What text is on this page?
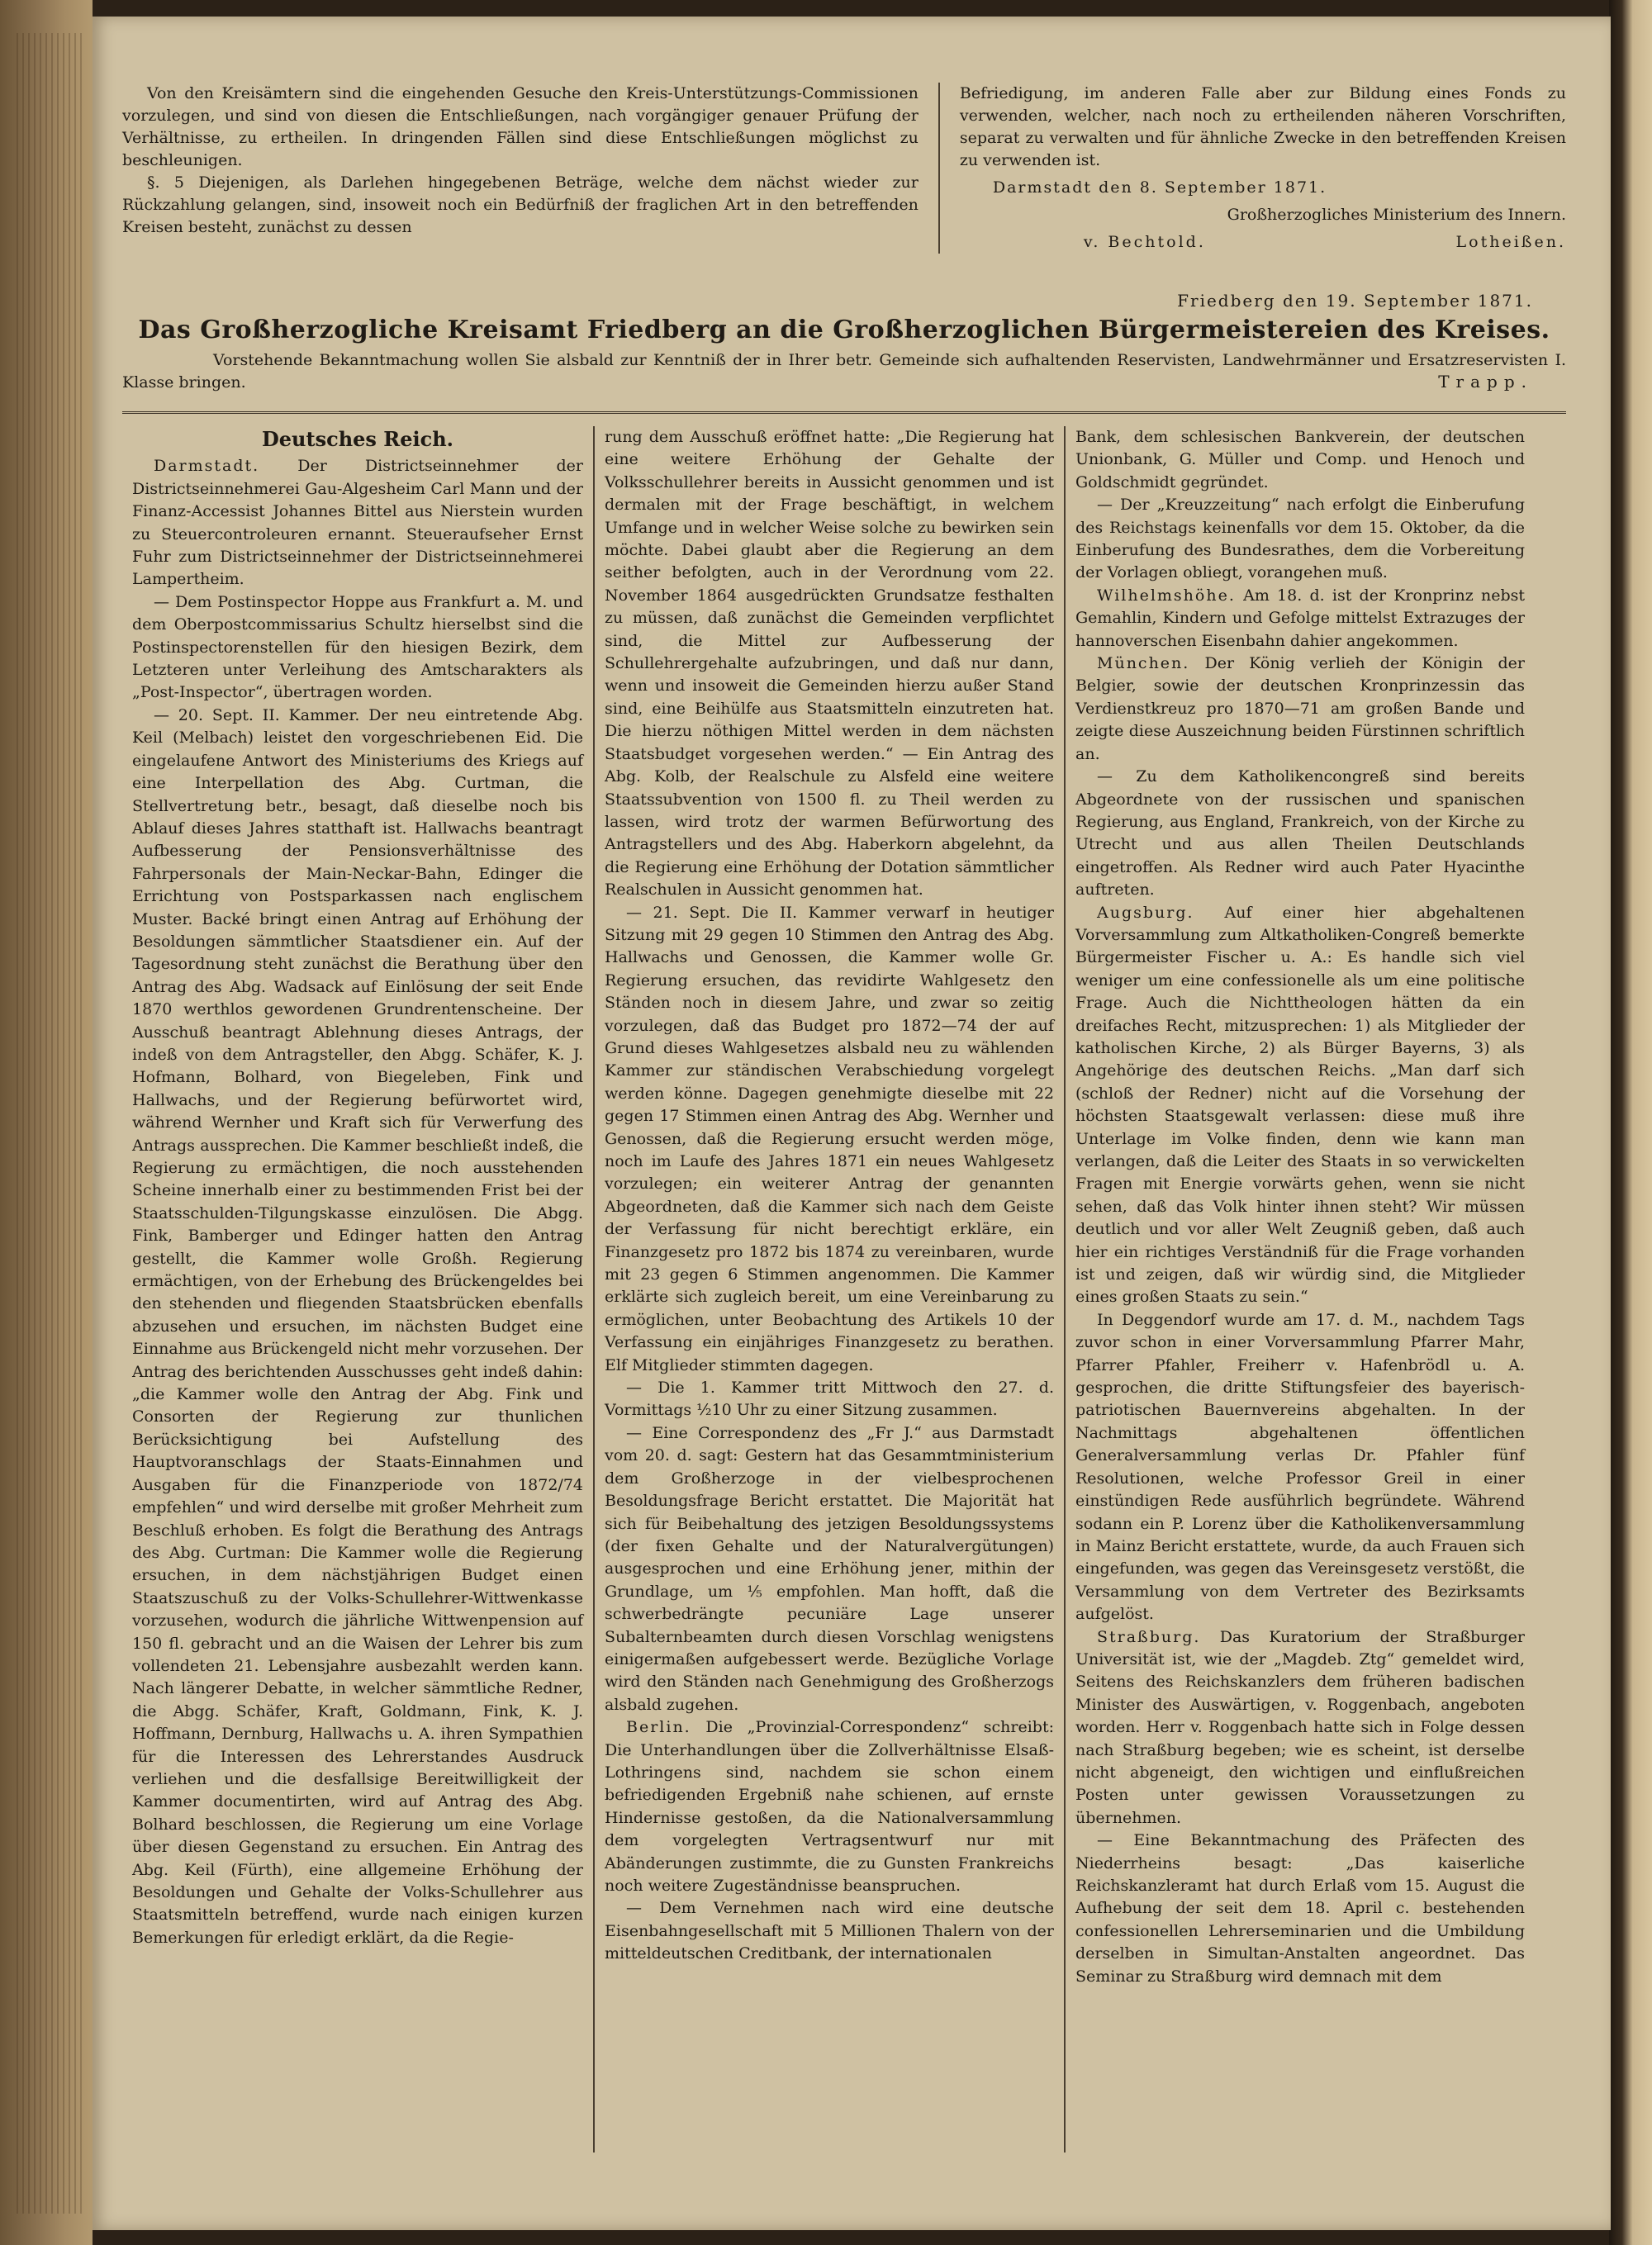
Von den Kreisämtern sind die eingehenden Gesuche den Kreis-Unterstützungs-Commissionen vorzulegen, und sind von diesen die Entschließungen, nach vorgängiger genauer Prüfung der Verhältnisse, zu ertheilen. In dringenden Fällen sind diese Entschließungen möglichst zu beschleunigen.

§. 5 Diejenigen, als Darlehen hingegebenen Beträge, welche dem nächst wieder zur Rückzahlung gelangen, sind, insoweit noch ein Bedürfniß der fraglichen Art in den betreffenden Kreisen besteht, zunächst zu dessen

Befriedigung, im anderen Falle aber zur Bildung eines Fonds zu verwenden, welcher, nach noch zu ertheilenden näheren Vorschriften, separat zu verwalten und für ähnliche Zwecke in den betreffenden Kreisen zu verwenden ist.

Darmstadt den 8. September 1871.
Großherzogliches Ministerium des Innern.
v. Bechtold.	Lotheißen.
Friedberg den 19. September 1871.
Das Großherzogliche Kreisamt Friedberg an die Großherzoglichen Bürgermeistereien des Kreises.

Vorstehende Bekanntmachung wollen Sie alsbald zur Kenntniß der in Ihrer betr. Gemeinde sich aufhaltenden Reservisten, Landwehrmänner und Ersatzreservisten I. Klasse bringen.	Trapp.
Deutsches Reich.

Darmstadt. Der Districtseinnehmer der Districtseinnehmerei Gau-Algesheim Carl Mann und der Finanz-Accessist Johannes Bittel aus Nierstein wurden zu Steuercontroleuren ernannt. Steueraufseher Ernst Fuhr zum Districtseinnehmer der Districtseinnehmerei Lampertheim.

— Dem Postinspector Hoppe aus Frankfurt a. M. und dem Oberpostcommissarius Schultz hierselbst sind die Postinspectorenstellen für den hiesigen Bezirk, dem Letzteren unter Verleihung des Amtscharakters als „Post-Inspector“, übertragen worden.

— 20. Sept. II. Kammer. Der neu eintretende Abg. Keil (Melbach) leistet den vorgeschriebenen Eid. Die eingelaufene Antwort des Ministeriums des Kriegs auf eine Interpellation des Abg. Curtman, die Stellvertretung betr., besagt, daß dieselbe noch bis Ablauf dieses Jahres statthaft ist. Hallwachs beantragt Aufbesserung der Pensionsverhältnisse des Fahrpersonals der Main-Neckar-Bahn, Edinger die Errichtung von Postsparkassen nach englischem Muster. Backé bringt einen Antrag auf Erhöhung der Besoldungen sämmtlicher Staatsdiener ein. Auf der Tagesordnung steht zunächst die Berathung über den Antrag des Abg. Wadsack auf Einlösung der seit Ende 1870 werthlos gewordenen Grundrentenscheine. Der Ausschuß beantragt Ablehnung dieses Antrags, der indeß von dem Antragsteller, den Abgg. Schäfer, K. J. Hofmann, Bolhard, von Biegeleben, Fink und Hallwachs, und der Regierung befürwortet wird, während Wernher und Kraft sich für Verwerfung des Antrags aussprechen. Die Kammer beschließt indeß, die Regierung zu ermächtigen, die noch ausstehenden Scheine innerhalb einer zu bestimmenden Frist bei der Staatsschulden-Tilgungskasse einzulösen. Die Abgg. Fink, Bamberger und Edinger hatten den Antrag gestellt, die Kammer wolle Großh. Regierung ermächtigen, von der Erhebung des Brückengeldes bei den stehenden und fliegenden Staatsbrücken ebenfalls abzusehen und ersuchen, im nächsten Budget eine Einnahme aus Brückengeld nicht mehr vorzusehen. Der Antrag des berichtenden Ausschusses geht indeß dahin: „die Kammer wolle den Antrag der Abg. Fink und Consorten der Regierung zur thunlichen Berücksichtigung bei Aufstellung des Hauptvoranschlags der Staats-Einnahmen und Ausgaben für die Finanzperiode von 1872/74 empfehlen“ und wird derselbe mit großer Mehrheit zum Beschluß erhoben. Es folgt die Berathung des Antrags des Abg. Curtman: Die Kammer wolle die Regierung ersuchen, in dem nächstjährigen Budget einen Staatszuschuß zu der Volks-Schullehrer-Wittwenkasse vorzusehen, wodurch die jährliche Wittwenpension auf 150 fl. gebracht und an die Waisen der Lehrer bis zum vollendeten 21. Lebensjahre ausbezahlt werden kann. Nach längerer Debatte, in welcher sämmtliche Redner, die Abgg. Schäfer, Kraft, Goldmann, Fink, K. J. Hoffmann, Dernburg, Hallwachs u. A. ihren Sympathien für die Interessen des Lehrerstandes Ausdruck verliehen und die desfallsige Bereitwilligkeit der Kammer documentirten, wird auf Antrag des Abg. Bolhard beschlossen, die Regierung um eine Vorlage über diesen Gegenstand zu ersuchen. Ein Antrag des Abg. Keil (Fürth), eine allgemeine Erhöhung der Besoldungen und Gehalte der Volks-Schullehrer aus Staatsmitteln betreffend, wurde nach einigen kurzen Bemerkungen für erledigt erklärt, da die Regie-

rung dem Ausschuß eröffnet hatte: „Die Regierung hat eine weitere Erhöhung der Gehalte der Volksschullehrer bereits in Aussicht genommen und ist dermalen mit der Frage beschäftigt, in welchem Umfange und in welcher Weise solche zu bewirken sein möchte. Dabei glaubt aber die Regierung an dem seither befolgten, auch in der Verordnung vom 22. November 1864 ausgedrückten Grundsatze festhalten zu müssen, daß zunächst die Gemeinden verpflichtet sind, die Mittel zur Aufbesserung der Schullehrergehalte aufzubringen, und daß nur dann, wenn und insoweit die Gemeinden hierzu außer Stand sind, eine Beihülfe aus Staatsmitteln einzutreten hat. Die hierzu nöthigen Mittel werden in dem nächsten Staatsbudget vorgesehen werden.“ — Ein Antrag des Abg. Kolb, der Realschule zu Alsfeld eine weitere Staatssubvention von 1500 fl. zu Theil werden zu lassen, wird trotz der warmen Befürwortung des Antragstellers und des Abg. Haberkorn abgelehnt, da die Regierung eine Erhöhung der Dotation sämmtlicher Realschulen in Aussicht genommen hat.

— 21. Sept. Die II. Kammer verwarf in heutiger Sitzung mit 29 gegen 10 Stimmen den Antrag des Abg. Hallwachs und Genossen, die Kammer wolle Gr. Regierung ersuchen, das revidirte Wahlgesetz den Ständen noch in diesem Jahre, und zwar so zeitig vorzulegen, daß das Budget pro 1872—74 der auf Grund dieses Wahlgesetzes alsbald neu zu wählenden Kammer zur ständischen Verabschiedung vorgelegt werden könne. Dagegen genehmigte dieselbe mit 22 gegen 17 Stimmen einen Antrag des Abg. Wernher und Genossen, daß die Regierung ersucht werden möge, noch im Laufe des Jahres 1871 ein neues Wahlgesetz vorzulegen; ein weiterer Antrag der genannten Abgeordneten, daß die Kammer sich nach dem Geiste der Verfassung für nicht berechtigt erkläre, ein Finanzgesetz pro 1872 bis 1874 zu vereinbaren, wurde mit 23 gegen 6 Stimmen angenommen. Die Kammer erklärte sich zugleich bereit, um eine Vereinbarung zu ermöglichen, unter Beobachtung des Artikels 10 der Verfassung ein einjähriges Finanzgesetz zu berathen. Elf Mitglieder stimmten dagegen.

— Die 1. Kammer tritt Mittwoch den 27. d. Vormittags ½10 Uhr zu einer Sitzung zusammen.

— Eine Correspondenz des „Fr J.“ aus Darmstadt vom 20. d. sagt: Gestern hat das Gesammtministerium dem Großherzoge in der vielbesprochenen Besoldungsfrage Bericht erstattet. Die Majorität hat sich für Beibehaltung des jetzigen Besoldungssystems (der fixen Gehalte und der Naturalvergütungen) ausgesprochen und eine Erhöhung jener, mithin der Grundlage, um ⅕ empfohlen. Man hofft, daß die schwerbedrängte pecuniäre Lage unserer Subalternbeamten durch diesen Vorschlag wenigstens einigermaßen aufgebessert werde. Bezügliche Vorlage wird den Ständen nach Genehmigung des Großherzogs alsbald zugehen.

Berlin. Die „Provinzial-Correspondenz“ schreibt: Die Unterhandlungen über die Zollverhältnisse Elsaß-Lothringens sind, nachdem sie schon einem befriedigenden Ergebniß nahe schienen, auf ernste Hindernisse gestoßen, da die Nationalversammlung dem vorgelegten Vertragsentwurf nur mit Abänderungen zustimmte, die zu Gunsten Frankreichs noch weitere Zugeständnisse beanspruchen.

— Dem Vernehmen nach wird eine deutsche Eisenbahngesellschaft mit 5 Millionen Thalern von der mitteldeutschen Creditbank, der internationalen

Bank, dem schlesischen Bankverein, der deutschen Unionbank, G. Müller und Comp. und Henoch und Goldschmidt gegründet.

— Der „Kreuzzeitung“ nach erfolgt die Einberufung des Reichstags keinenfalls vor dem 15. Oktober, da die Einberufung des Bundesrathes, dem die Vorbereitung der Vorlagen obliegt, vorangehen muß.

Wilhelmshöhe. Am 18. d. ist der Kronprinz nebst Gemahlin, Kindern und Gefolge mittelst Extrazuges der hannoverschen Eisenbahn dahier angekommen.

München. Der König verlieh der Königin der Belgier, sowie der deutschen Kronprinzessin das Verdienstkreuz pro 1870—71 am großen Bande und zeigte diese Auszeichnung beiden Fürstinnen schriftlich an.

— Zu dem Katholikencongreß sind bereits Abgeordnete von der russischen und spanischen Regierung, aus England, Frankreich, von der Kirche zu Utrecht und aus allen Theilen Deutschlands eingetroffen. Als Redner wird auch Pater Hyacinthe auftreten.

Augsburg. Auf einer hier abgehaltenen Vorversammlung zum Altkatholiken-Congreß bemerkte Bürgermeister Fischer u. A.: Es handle sich viel weniger um eine confessionelle als um eine politische Frage. Auch die Nichttheologen hätten da ein dreifaches Recht, mitzusprechen: 1) als Mitglieder der katholischen Kirche, 2) als Bürger Bayerns, 3) als Angehörige des deutschen Reichs. „Man darf sich (schloß der Redner) nicht auf die Vorsehung der höchsten Staatsgewalt verlassen: diese muß ihre Unterlage im Volke finden, denn wie kann man verlangen, daß die Leiter des Staats in so verwickelten Fragen mit Energie vorwärts gehen, wenn sie nicht sehen, daß das Volk hinter ihnen steht? Wir müssen deutlich und vor aller Welt Zeugniß geben, daß auch hier ein richtiges Verständniß für die Frage vorhanden ist und zeigen, daß wir würdig sind, die Mitglieder eines großen Staats zu sein.“

In Deggendorf wurde am 17. d. M., nachdem Tags zuvor schon in einer Vorversammlung Pfarrer Mahr, Pfarrer Pfahler, Freiherr v. Hafenbrödl u. A. gesprochen, die dritte Stiftungsfeier des bayerisch-patriotischen Bauernvereins abgehalten. In der Nachmittags abgehaltenen öffentlichen Generalversammlung verlas Dr. Pfahler fünf Resolutionen, welche Professor Greil in einer einstündigen Rede ausführlich begründete. Während sodann ein P. Lorenz über die Katholikenversammlung in Mainz Bericht erstattete, wurde, da auch Frauen sich eingefunden, was gegen das Vereinsgesetz verstößt, die Versammlung von dem Vertreter des Bezirksamts aufgelöst.

Straßburg. Das Kuratorium der Straßburger Universität ist, wie der „Magdeb. Ztg“ gemeldet wird, Seitens des Reichskanzlers dem früheren badischen Minister des Auswärtigen, v. Roggenbach, angeboten worden. Herr v. Roggenbach hatte sich in Folge dessen nach Straßburg begeben; wie es scheint, ist derselbe nicht abgeneigt, den wichtigen und einflußreichen Posten unter gewissen Voraussetzungen zu übernehmen.

— Eine Bekanntmachung des Präfecten des Niederrheins besagt: „Das kaiserliche Reichskanzleramt hat durch Erlaß vom 15. August die Aufhebung der seit dem 18. April c. bestehenden confessionellen Lehrerseminarien und die Umbildung derselben in Simultan-Anstalten angeordnet. Das Seminar zu Straßburg wird demnach mit dem
